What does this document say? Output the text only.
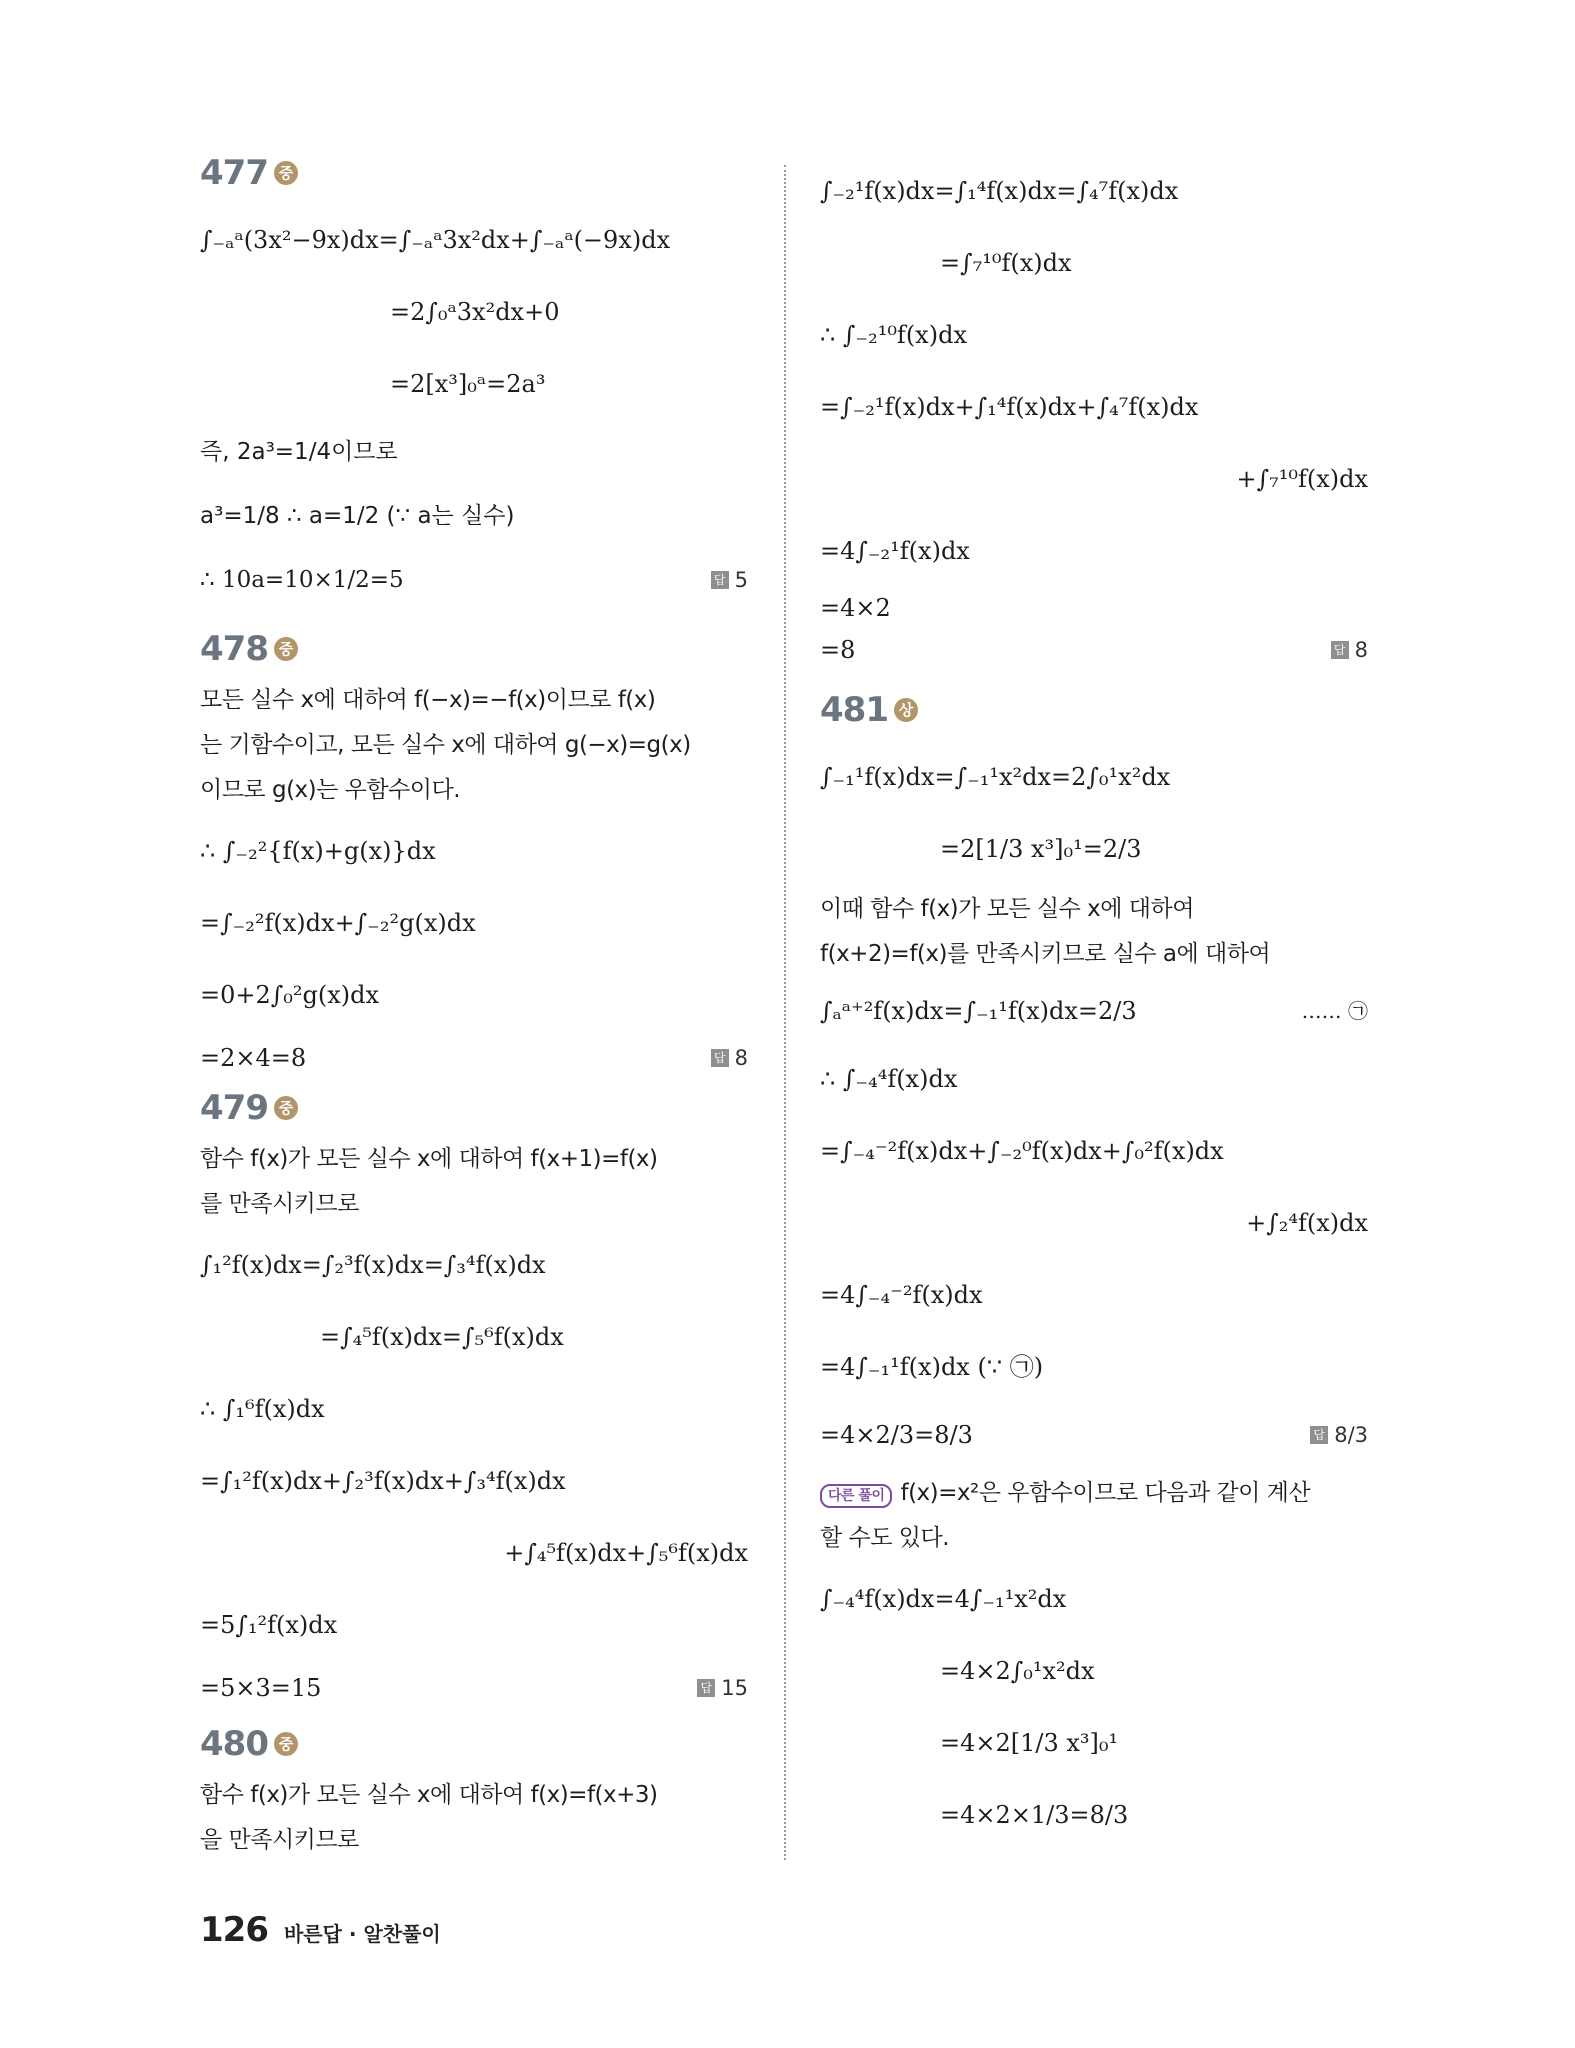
477 중
∫₋ₐᵃ(3x²−9x)dx=∫₋ₐᵃ3x²dx+∫₋ₐᵃ(−9x)dx
=2∫₀ᵃ3x²dx+0
=2[x³]₀ᵃ=2a³
즉, 2a³=1/4이므로
a³=1/8 ∴ a=1/2 (∵ a는 실수)
∴ 10a=10×1/2=5	답 5
478 중

모든 실수 x에 대하여 f(−x)=−f(x)이므로 f(x)

는 기함수이고, 모든 실수 x에 대하여 g(−x)=g(x)

이므로 g(x)는 우함수이다.

∴ ∫₋₂²{f(x)+g(x)}dx
=∫₋₂²f(x)dx+∫₋₂²g(x)dx
=0+2∫₀²g(x)dx
=2×4=8	답 8
479 중

함수 f(x)가 모든 실수 x에 대하여 f(x+1)=f(x)

를 만족시키므로

∫₁²f(x)dx=∫₂³f(x)dx=∫₃⁴f(x)dx
=∫₄⁵f(x)dx=∫₅⁶f(x)dx
∴ ∫₁⁶f(x)dx
=∫₁²f(x)dx+∫₂³f(x)dx+∫₃⁴f(x)dx
+∫₄⁵f(x)dx+∫₅⁶f(x)dx
=5∫₁²f(x)dx
=5×3=15	답 15
480 중

함수 f(x)가 모든 실수 x에 대하여 f(x)=f(x+3)

을 만족시키므로

∫₋₂¹f(x)dx=∫₁⁴f(x)dx=∫₄⁷f(x)dx
=∫₇¹⁰f(x)dx
∴ ∫₋₂¹⁰f(x)dx
=∫₋₂¹f(x)dx+∫₁⁴f(x)dx+∫₄⁷f(x)dx
+∫₇¹⁰f(x)dx
=4∫₋₂¹f(x)dx
=4×2
=8	답 8
481 상
∫₋₁¹f(x)dx=∫₋₁¹x²dx=2∫₀¹x²dx
=2[1/3 x³]₀¹=2/3

이때 함수 f(x)가 모든 실수 x에 대하여

f(x+2)=f(x)를 만족시키므로 실수 a에 대하여

∫ₐᵃ⁺²f(x)dx=∫₋₁¹f(x)dx=2/3	…… ㉠
∴ ∫₋₄⁴f(x)dx
=∫₋₄⁻²f(x)dx+∫₋₂⁰f(x)dx+∫₀²f(x)dx
+∫₂⁴f(x)dx
=4∫₋₄⁻²f(x)dx
=4∫₋₁¹f(x)dx (∵ ㉠)
=4×2/3=8/3	답 8/3

다른 풀이 f(x)=x²은 우함수이므로 다음과 같이 계산

할 수도 있다.

∫₋₄⁴f(x)dx=4∫₋₁¹x²dx
=4×2∫₀¹x²dx
=4×2[1/3 x³]₀¹
=4×2×1/3=8/3
126 바른답 · 알찬풀이
